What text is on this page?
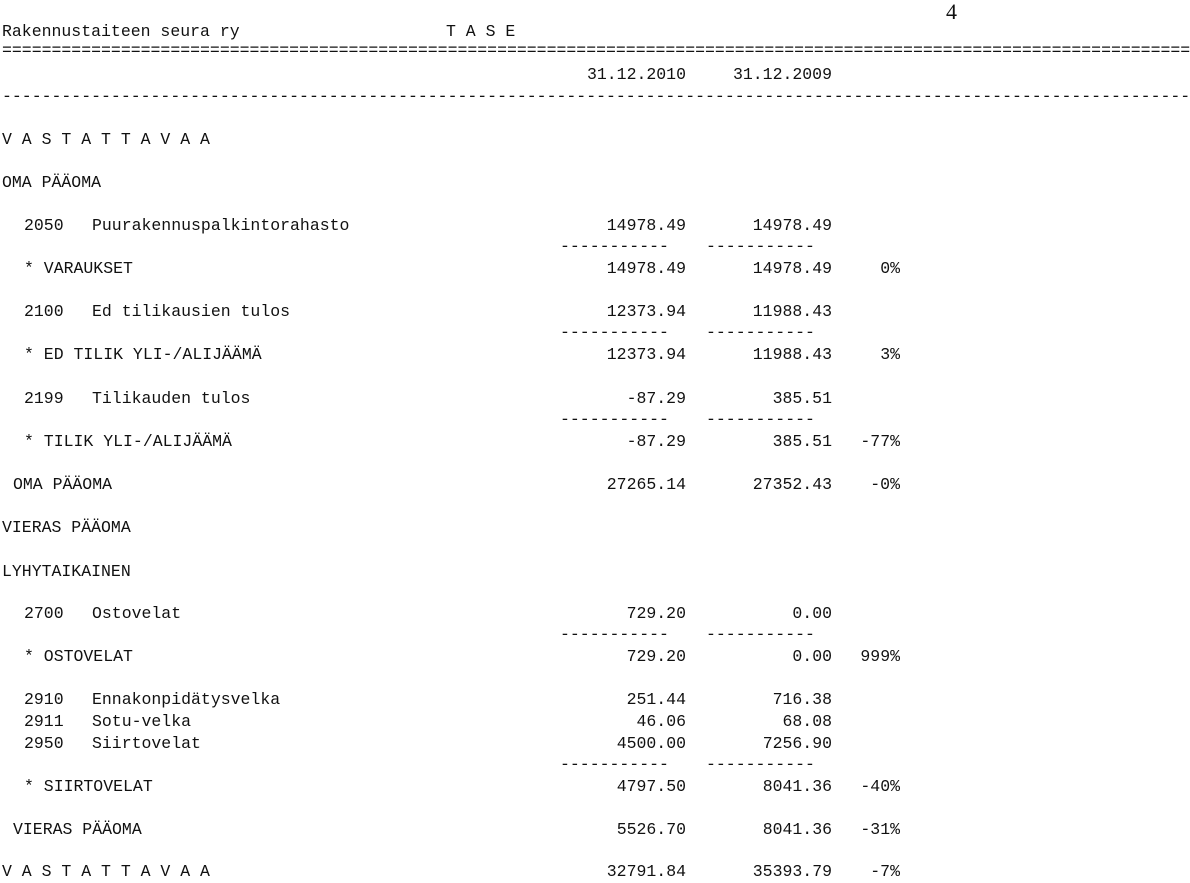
Rakennustaiteen seura ry	T A S E
4
========================================================================================================================
31.12.2010	31.12.2009
------------------------------------------------------------------------------------------------------------------------
V A S T A T T A V A A
OMA PÄÄOMA
2050 Puurakennuspalkintorahasto	14978.49	14978.49
----------- -----------
* VARAUKSET	14978.49	14978.49	0%
2100 Ed tilikausien tulos	12373.94	11988.43
----------- -----------
* ED TILIK YLI-/ALIJÄÄMÄ	12373.94	11988.43	3%
2199 Tilikauden tulos	-87.29	385.51
----------- -----------
* TILIK YLI-/ALIJÄÄMÄ	-87.29	385.51	-77%
OMA PÄÄOMA	27265.14	27352.43	-0%
VIERAS PÄÄOMA
LYHYTAIKAINEN
2700 Ostovelat	729.20	0.00
----------- -----------
* OSTOVELAT	729.20	0.00	999%
2910 Ennakonpidätysvelka	251.44	716.38
2911 Sotu-velka	46.06	68.08
2950 Siirtovelat	4500.00	7256.90
----------- -----------
* SIIRTOVELAT	4797.50	8041.36	-40%
VIERAS PÄÄOMA	5526.70	8041.36	-31%
V A S T A T T A V A A	32791.84	35393.79	-7%
